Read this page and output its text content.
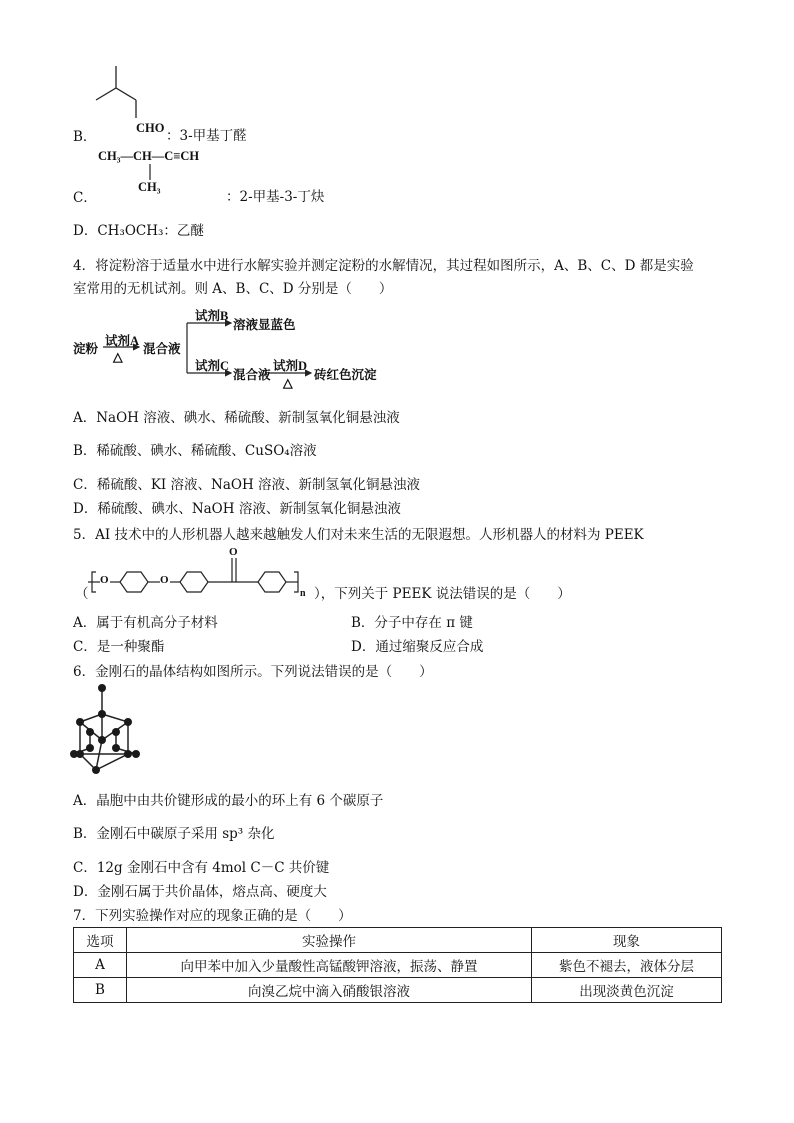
CHO
B．	：3-甲基丁醛
CH₃—CH—C≡CH
CH₃
C．	：2-甲基-3-丁炔
D．CH₃OCH₃：乙醚
4．将淀粉溶于适量水中进行水解实验并测定淀粉的水解情况，其过程如图所示，A、B、C、D 都是实验
室常用的无机试剂。则 A、B、C、D 分别是（　　）
淀粉
试剂A
△
混合液
试剂B
溶液显蓝色
试剂C
混合液
试剂D
△
砖红色沉淀
A．NaOH 溶液、碘水、稀硫酸、新制氢氧化铜悬浊液
B．稀硫酸、碘水、稀硫酸、CuSO₄溶液
C．稀硫酸、KI 溶液、NaOH 溶液、新制氢氧化铜悬浊液
D．稀硫酸、碘水、NaOH 溶液、新制氢氧化铜悬浊液
5．AI 技术中的人形机器人越来越触发人们对未来生活的无限遐想。人形机器人的材料为 PEEK
（
O	O
O
n ），下列关于 PEEK 说法错误的是（　　）
A．属于有机高分子材料	B．分子中存在 π 键
C．是一种聚酯	D．通过缩聚反应合成
6．金刚石的晶体结构如图所示。下列说法错误的是（　　）
A．晶胞中由共价键形成的最小的环上有 6 个碳原子
B．金刚石中碳原子采用 sp³ 杂化
C．12g 金刚石中含有 4mol C－C 共价键
D．金刚石属于共价晶体，熔点高、硬度大
7．下列实验操作对应的现象正确的是（　　）
选项	实验操作	现象
A	向甲苯中加入少量酸性高锰酸钾溶液，振荡、静置	紫色不褪去，液体分层
B	向溴乙烷中滴入硝酸银溶液	出现淡黄色沉淀
